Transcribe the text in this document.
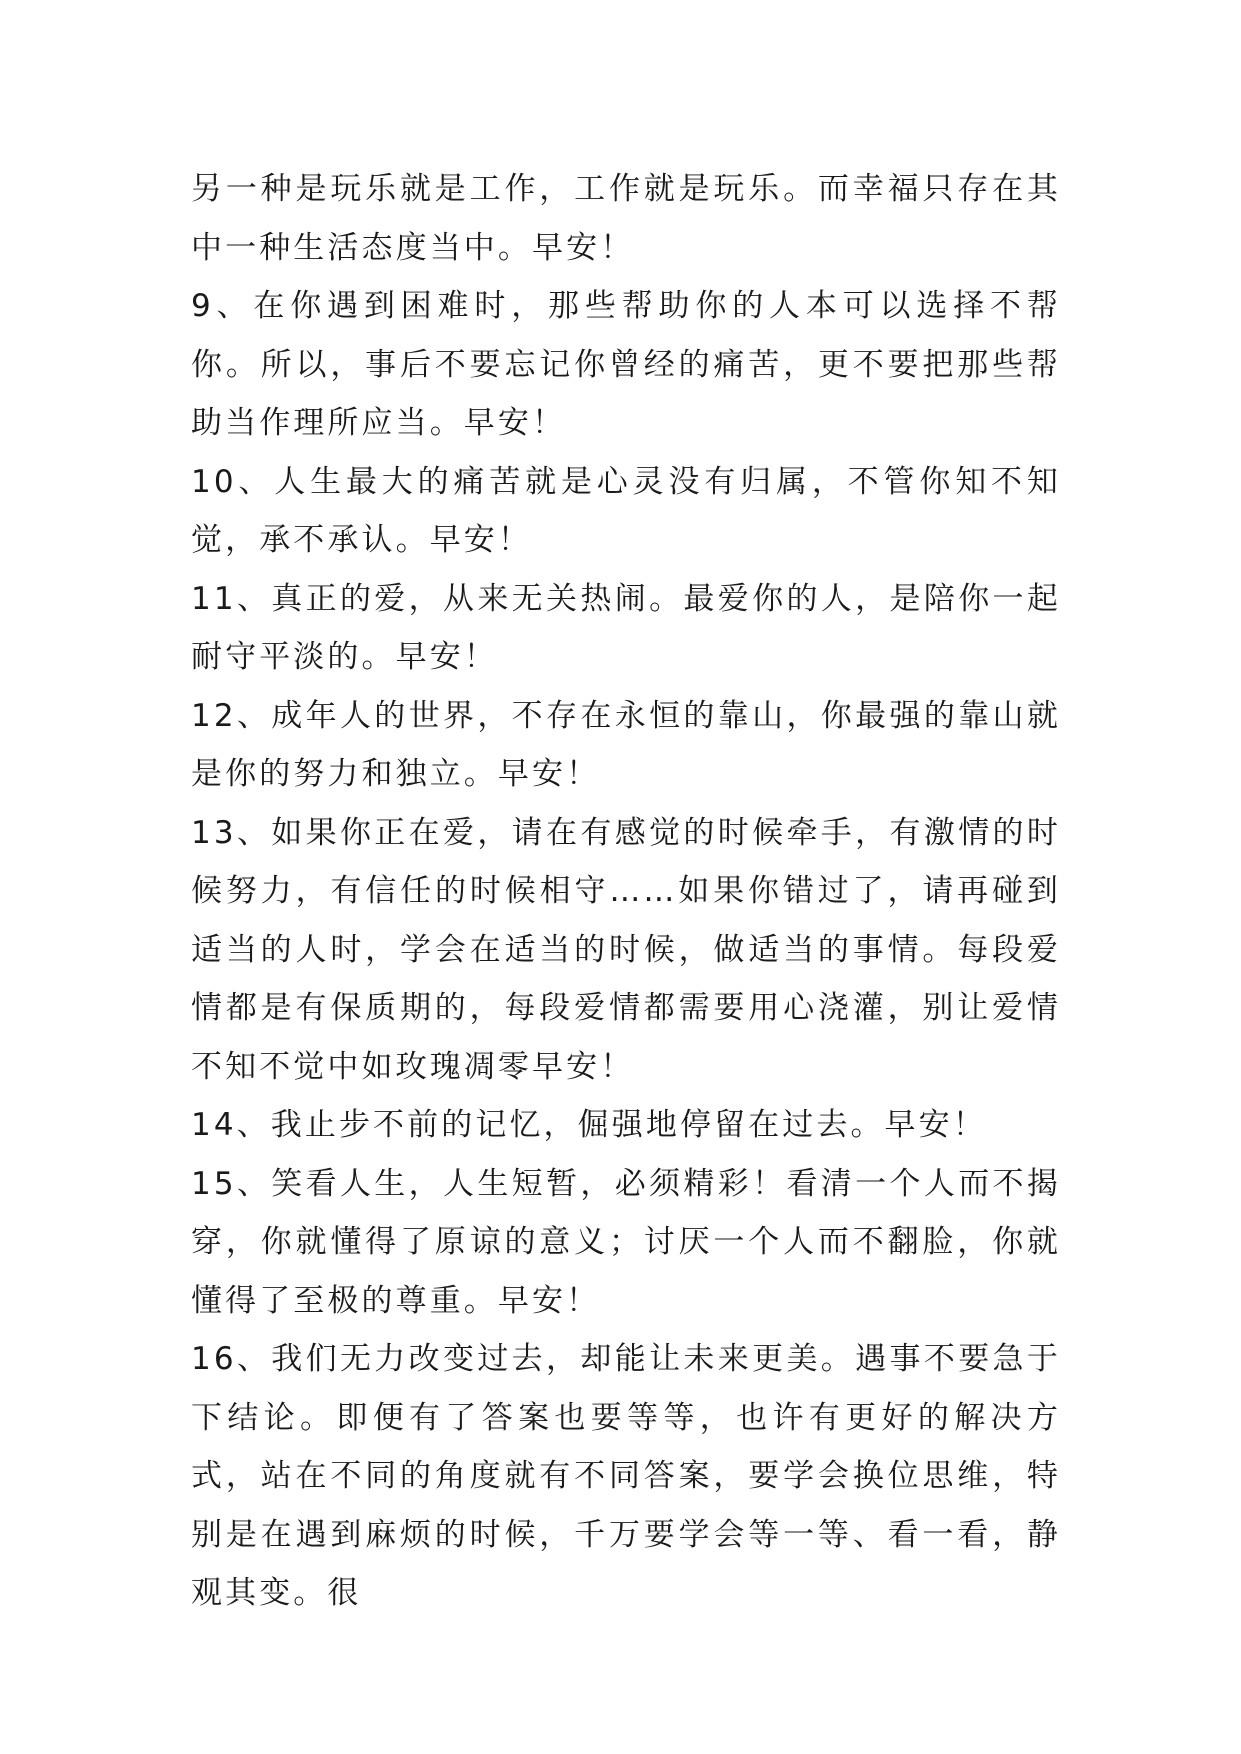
另一种是玩乐就是工作，工作就是玩乐。而幸福只存在其中一种生活态度当中。早安！

9、在你遇到困难时，那些帮助你的人本可以选择不帮你。所以，事后不要忘记你曾经的痛苦，更不要把那些帮助当作理所应当。早安！

10、人生最大的痛苦就是心灵没有归属，不管你知不知觉，承不承认。早安！

11、真正的爱，从来无关热闹。最爱你的人，是陪你一起耐守平淡的。早安！

12、成年人的世界，不存在永恒的靠山，你最强的靠山就是你的努力和独立。早安！

13、如果你正在爱，请在有感觉的时候牵手，有激情的时候努力，有信任的时候相守……如果你错过了，请再碰到适当的人时，学会在适当的时候，做适当的事情。每段爱情都是有保质期的，每段爱情都需要用心浇灌，别让爱情不知不觉中如玫瑰凋零早安！

14、我止步不前的记忆，倔强地停留在过去。早安！

15、笑看人生，人生短暂，必须精彩！看清一个人而不揭穿，你就懂得了原谅的意义；讨厌一个人而不翻脸，你就懂得了至极的尊重。早安！

16、我们无力改变过去，却能让未来更美。遇事不要急于下结论。即便有了答案也要等等，也许有更好的解决方式，站在不同的角度就有不同答案，要学会换位思维，特别是在遇到麻烦的时候，千万要学会等一等、看一看，静观其变。很
